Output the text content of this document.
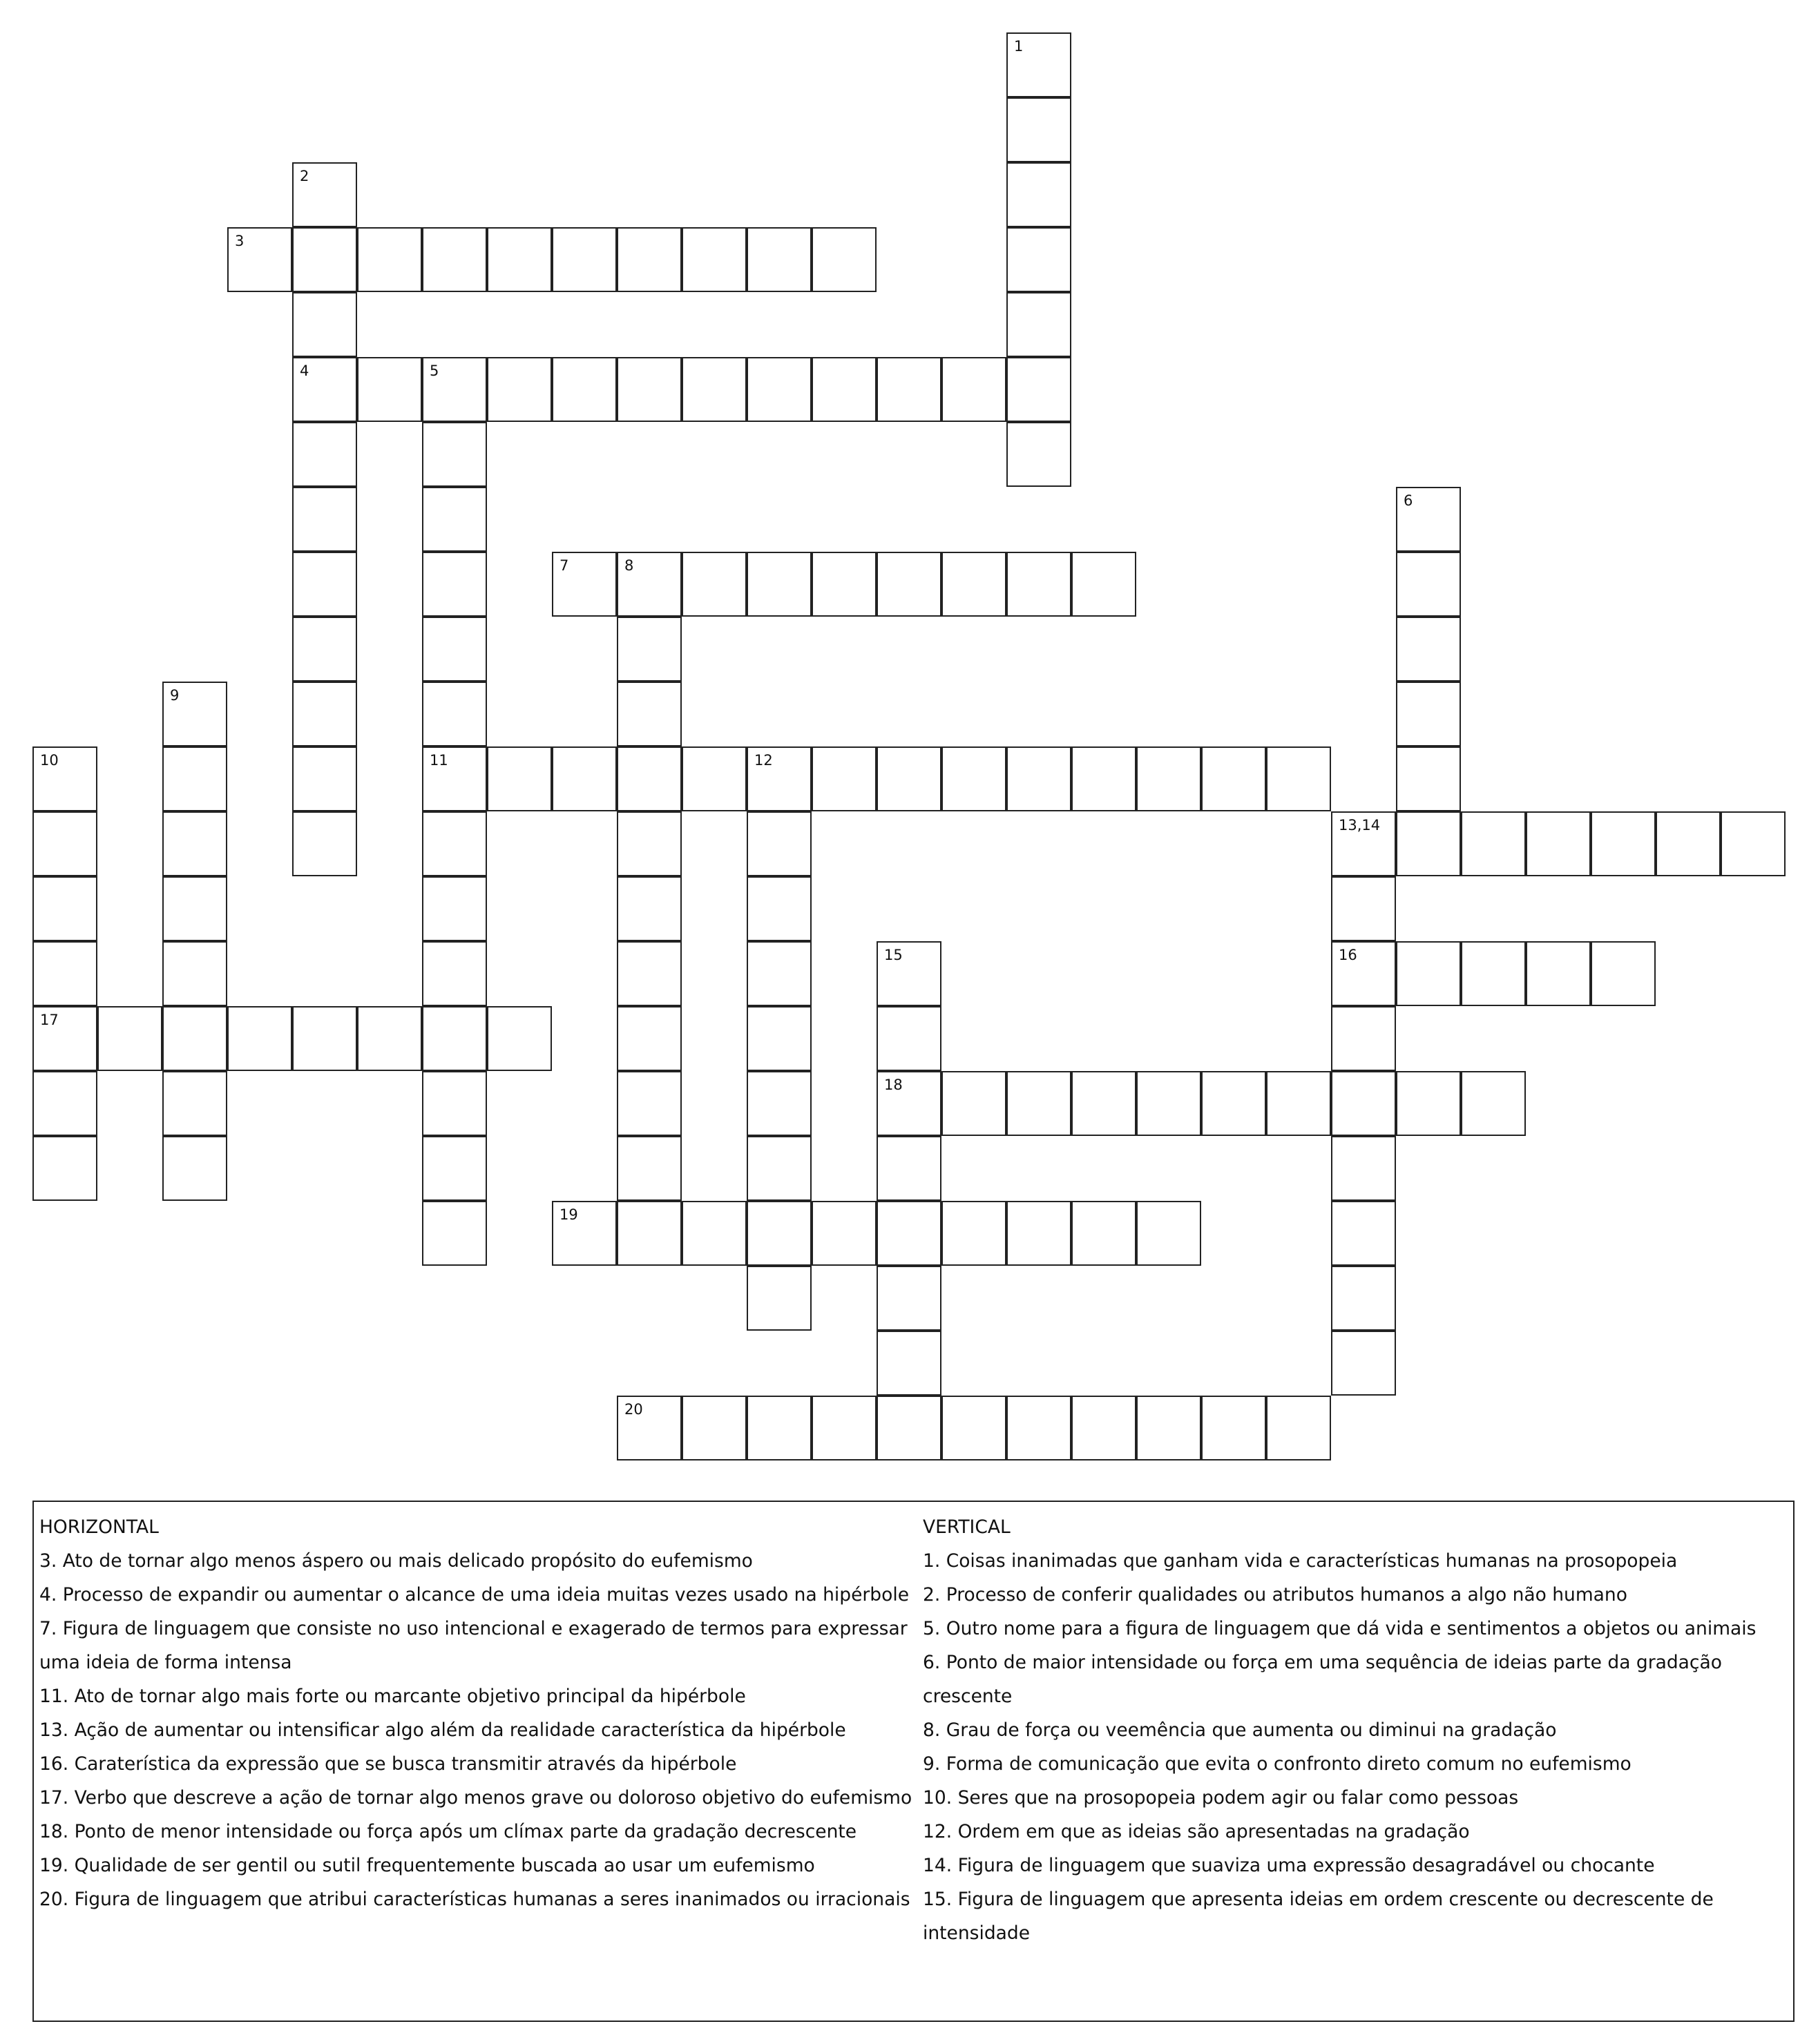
1
2
4
3
5
11
6
7	8
9
10
17
12
13,14
16
15
18
19
20

HORIZONTAL

3. Ato de tornar algo menos áspero ou mais delicado propósito do eufemismo

4. Processo de expandir ou aumentar o alcance de uma ideia muitas vezes usado na hipérbole

7. Figura de linguagem que consiste no uso intencional e exagerado de termos para expressar uma ideia de forma intensa

11. Ato de tornar algo mais forte ou marcante objetivo principal da hipérbole

13. Ação de aumentar ou intensificar algo além da realidade característica da hipérbole

16. Caraterística da expressão que se busca transmitir através da hipérbole

17. Verbo que descreve a ação de tornar algo menos grave ou doloroso objetivo do eufemismo

18. Ponto de menor intensidade ou força após um clímax parte da gradação decrescente

19. Qualidade de ser gentil ou sutil frequentemente buscada ao usar um eufemismo

20. Figura de linguagem que atribui características humanas a seres inanimados ou irracionais

VERTICAL

1. Coisas inanimadas que ganham vida e características humanas na prosopopeia

2. Processo de conferir qualidades ou atributos humanos a algo não humano

5. Outro nome para a figura de linguagem que dá vida e sentimentos a objetos ou animais

6. Ponto de maior intensidade ou força em uma sequência de ideias parte da gradação crescente

8. Grau de força ou veemência que aumenta ou diminui na gradação

9. Forma de comunicação que evita o confronto direto comum no eufemismo

10. Seres que na prosopopeia podem agir ou falar como pessoas

12. Ordem em que as ideias são apresentadas na gradação

14. Figura de linguagem que suaviza uma expressão desagradável ou chocante

15. Figura de linguagem que apresenta ideias em ordem crescente ou decrescente de intensidade
